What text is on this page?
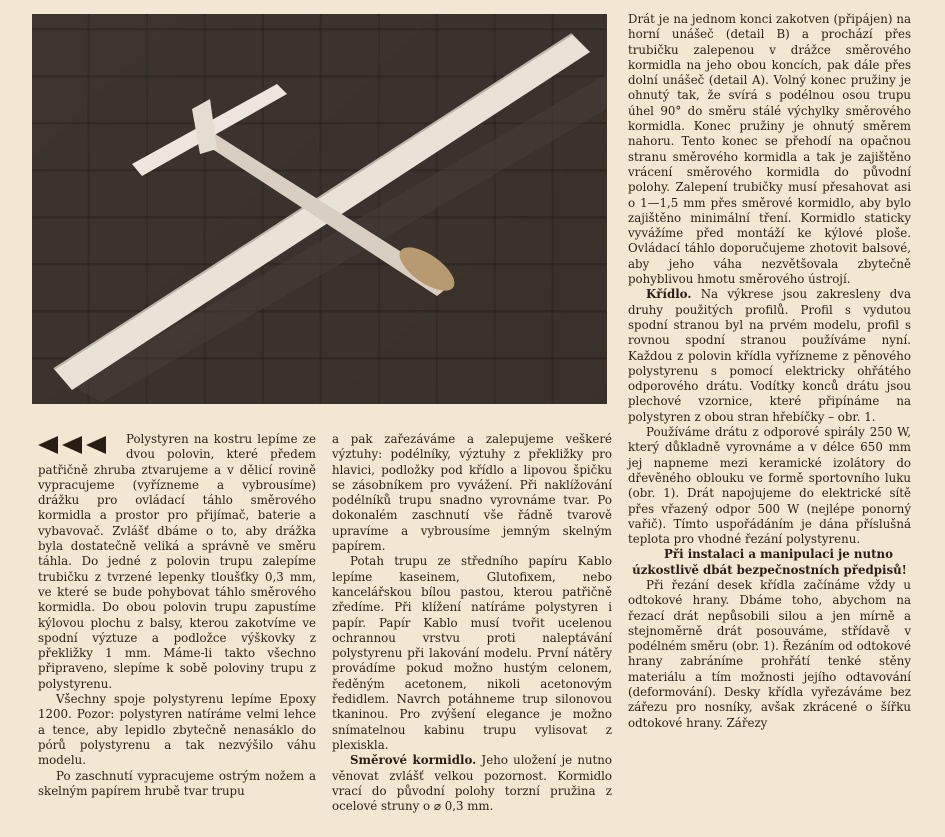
Polystyren na kostru lepíme ze dvou polovin, které předem patřičně zhruba ztvarujeme a v dělicí rovině vypracujeme (vyřízneme a vybrousíme) drážku pro ovládací táhlo směrového kormidla a prostor pro přijímač, baterie a vybavovač. Zvlášť dbáme o to, aby drážka byla dostatečně veliká a správně ve směru táhla. Do jedné z polovin trupu zalepíme trubičku z tvrzené lepenky tloušťky 0,3 mm, ve které se bude pohybovat táhlo směrového kormidla. Do obou polovin trupu zapustíme kýlovou plochu z balsy, kterou zakotvíme ve spodní výztuze a podložce výškovky z překližky 1 mm. Máme-li takto všechno připraveno, slepíme k sobě poloviny trupu z polystyrenu.

Všechny spoje polystyrenu lepíme Epoxy 1200. Pozor: polystyren natíráme velmi lehce a tence, aby lepidlo zbytečně nenasáklo do pórů polystyrenu a tak nezvýšilo váhu modelu.

Po zaschnutí vypracujeme ostrým nožem a skelným papírem hrubě tvar trupu

a pak zařezáváme a zalepujeme veškeré výztuhy: podélníky, výztuhy z překližky pro hlavici, podložky pod křídlo a lipovou špičku se zásobníkem pro vyvážení. Při naklížování podélníků trupu snadno vyrovnáme tvar. Po dokonalém zaschnutí vše řádně tvarově upravíme a vybrousíme jemným skelným papírem.

Potah trupu ze středního papíru Kablo lepíme kaseinem, Glutofixem, nebo kancelářskou bílou pastou, kterou patřičně zředíme. Při klížení natíráme polystyren i papír. Papír Kablo musí tvořit ucelenou ochrannou vrstvu proti naleptávání polystyrenu při lakování modelu. První nátěry provádíme pokud možno hustým celonem, ředěným acetonem, nikoli acetonovým ředidlem. Navrch potáhneme trup silonovou tkaninou. Pro zvýšení elegance je možno snímatelnou kabinu trupu vylisovat z plexiskla.

Směrové kormidlo. Jeho uložení je nutno věnovat zvlášť velkou pozornost. Kormidlo vrací do původní polohy torzní pružina z ocelové struny o ⌀ 0,3 mm.

Drát je na jednom konci zakotven (připájen) na horní unášeč (detail B) a prochází přes trubičku zalepenou v drážce směrového kormidla na jeho obou koncích, pak dále přes dolní unášeč (detail A). Volný konec pružiny je ohnutý tak, že svírá s podélnou osou trupu úhel 90° do směru stálé výchylky směrového kormidla. Konec pružiny je ohnutý směrem nahoru. Tento konec se přehodí na opačnou stranu směrového kormidla a tak je zajištěno vrácení směrového kormidla do původní polohy. Zalepení trubičky musí přesahovat asi o 1—1,5 mm přes směrové kormidlo, aby bylo zajištěno minimální tření. Kormidlo staticky vyvážíme před montáží ke kýlové ploše. Ovládací táhlo doporučujeme zhotovit balsové, aby jeho váha nezvětšovala zbytečně pohyblivou hmotu směrového ústrojí.

Křídlo. Na výkrese jsou zakresleny dva druhy použitých profilů. Profil s vydutou spodní stranou byl na prvém modelu, profil s rovnou spodní stranou používáme nyní. Každou z polovin křídla vyřízneme z pěnového polystyrenu s pomocí elektricky ohřátého odporového drátu. Vodítky konců drátu jsou plechové vzornice, které připínáme na polystyren z obou stran hřebíčky – obr. 1.

Používáme drátu z odporové spirály 250 W, který důkladně vyrovnáme a v délce 650 mm jej napneme mezi keramické izolátory do dřevěného oblouku ve formě sportovního luku (obr. 1). Drát napojujeme do elektrické sítě přes vřazený odpor 500 W (nejlépe ponorný vařič). Tímto uspořádáním je dána příslušná teplota pro vhodné řezání polystyrenu.

Při instalaci a manipulaci je nutno úzkostlivě dbát bezpečnostních předpisů!

Při řezání desek křídla začínáme vždy u odtokové hrany. Dbáme toho, abychom na řezací drát nepůsobili silou a jen mírně a stejnoměrně drát posouváme, střídavě v podélném směru (obr. 1). Řezáním od odtokové hrany zabráníme prohřátí tenké stěny materiálu a tím možnosti jejího odtavování (deformování). Desky křídla vyřezáváme bez zářezu pro nosníky, avšak zkrácené o šířku odtokové hrany. Zářezy
